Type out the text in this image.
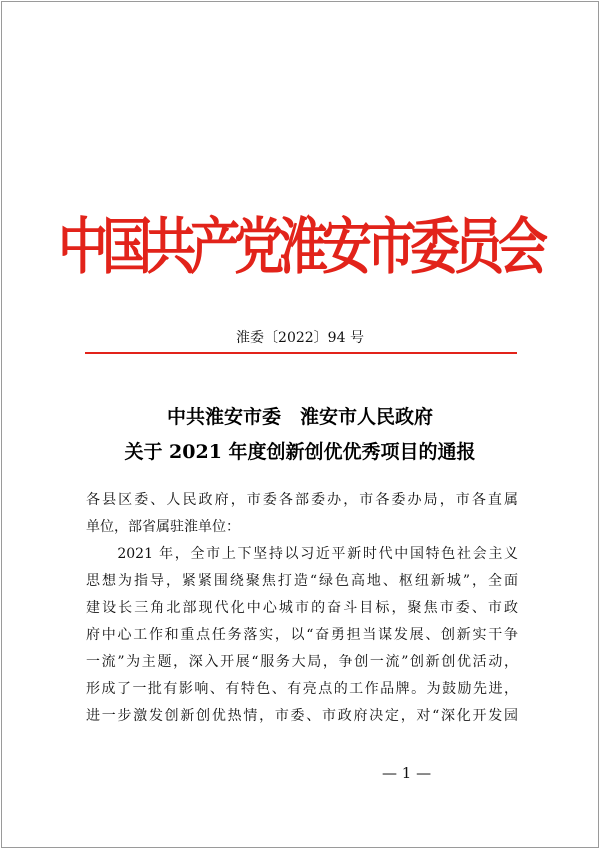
中国共产党淮安市委员会
淮委〔2022〕94 号
中共淮安市委　淮安市人民政府
关于 2021 年度创新创优优秀项目的通报
各县区委、人民政府，市委各部委办，市各委办局，市各直属
单位，部省属驻淮单位：
　　2021 年，全市上下坚持以习近平新时代中国特色社会主义
思想为指导，紧紧围绕聚焦打造“绿色高地、枢纽新城”，全面
建设长三角北部现代化中心城市的奋斗目标，聚焦市委、市政
府中心工作和重点任务落实，以“奋勇担当谋发展、创新实干争
一流”为主题，深入开展“服务大局，争创一流”创新创优活动，
形成了一批有影响、有特色、有亮点的工作品牌。为鼓励先进，
进一步激发创新创优热情，市委、市政府决定，对“深化开发园
— 1 —
